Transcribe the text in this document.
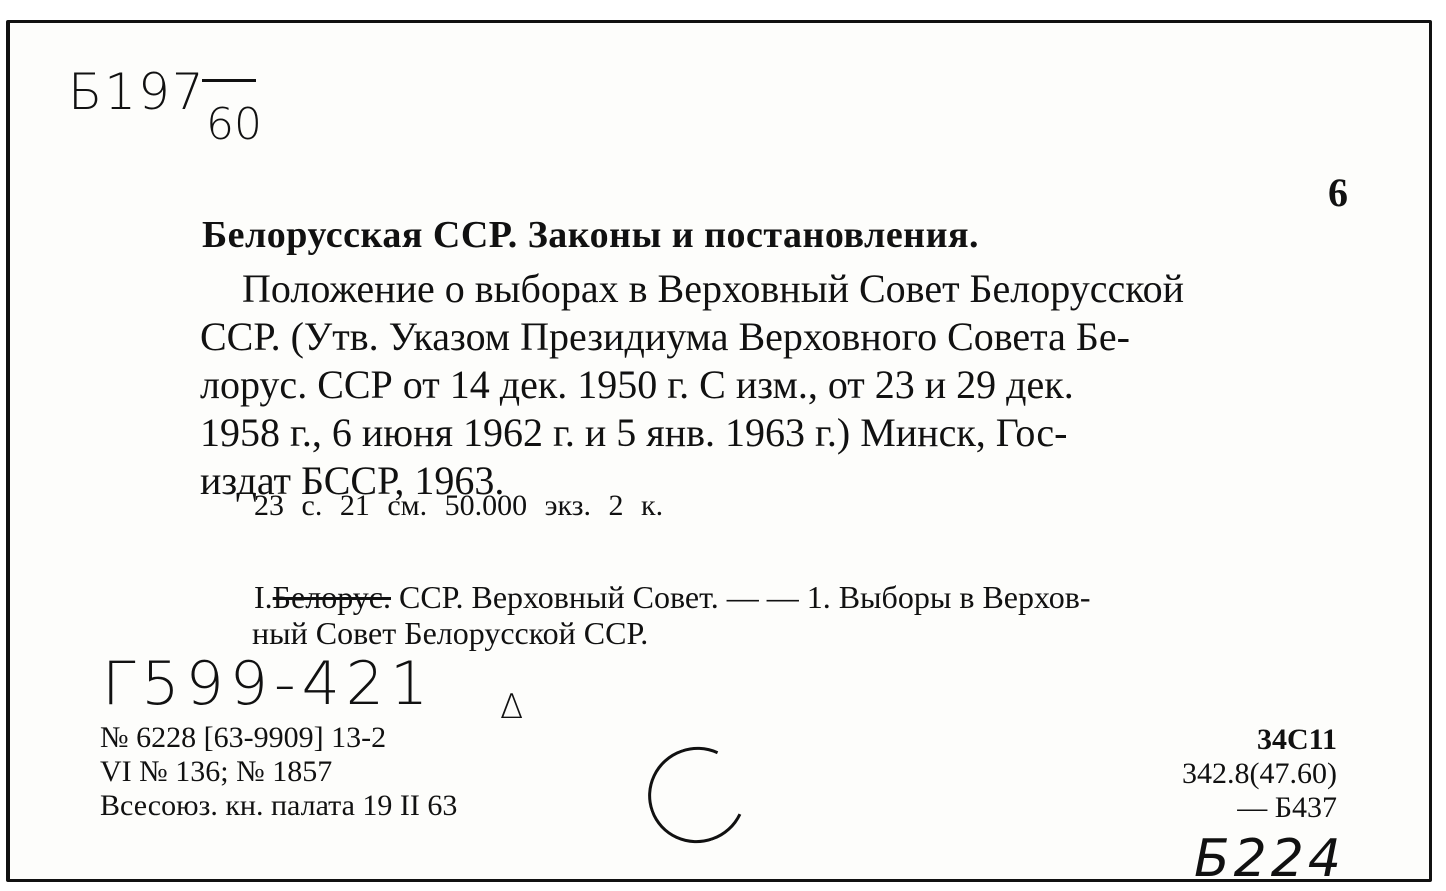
Б197
60
6
Белорусская ССР. Законы и постановления.
Положение о выборах в Верховный Совет Белорусской
ССР. (Утв. Указом Президиума Верховного Совета Бе-
лорус. ССР от 14 дек. 1950 г. С изм., от 23 и 29 дек.
1958 г., 6 июня 1962 г. и 5 янв. 1963 г.) Минск, Гос-
издат БССР, 1963.
23 с. 21 см. 50.000 экз. 2 к.
I.Белорус. ССР. Верховный Совет. — — 1. Выборы в Верхов-
ный Совет Белорусской ССР.
Г599-421 Δ
№ 6228 [63-9909] 13-2
VI № 136; № 1857
Всесоюз. кн. палата 19 II 63
34С11
342.8(47.60)
— Б437
Б224
